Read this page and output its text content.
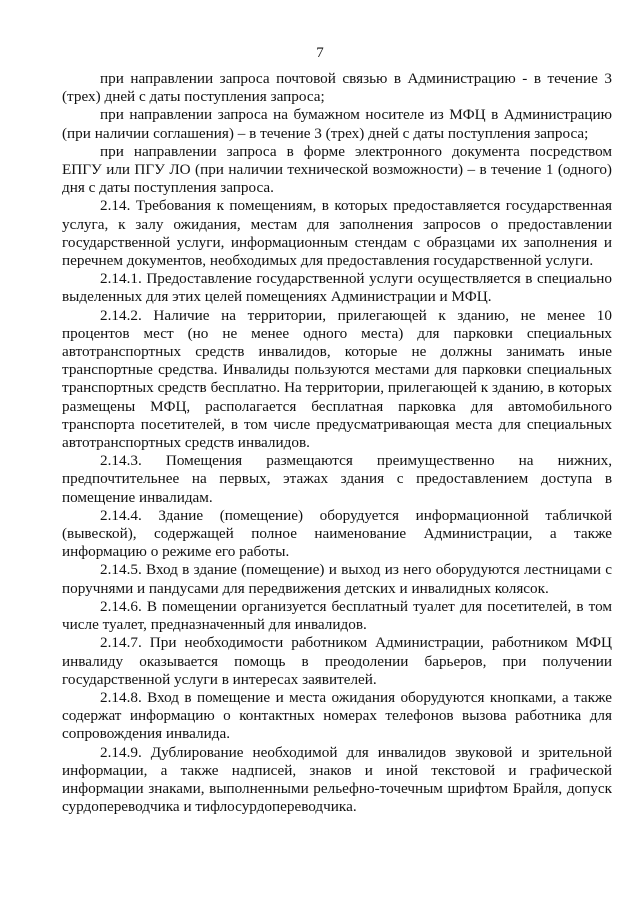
7

при направлении запроса почтовой связью в Администрацию - в течение 3 (трех) дней с даты поступления запроса;

при направлении запроса на бумажном носителе из МФЦ в Администрацию (при наличии соглашения) – в течение 3 (трех) дней с даты поступления запроса;

при направлении запроса в форме электронного документа посредством ЕПГУ или ПГУ ЛО (при наличии технической возможности) – в течение 1 (одного) дня с даты поступления запроса.

2.14. Требования к помещениям, в которых предоставляется государственная услуга, к залу ожидания, местам для заполнения запросов о предоставлении государственной услуги, информационным стендам с образцами их заполнения и перечнем документов, необходимых для предоставления государственной услуги.

2.14.1. Предоставление государственной услуги осуществляется в специально выделенных для этих целей помещениях Администрации и МФЦ.

2.14.2. Наличие на территории, прилегающей к зданию, не менее 10 процентов мест (но не менее одного места) для парковки специальных автотранспортных средств инвалидов, которые не должны занимать иные транспортные средства. Инвалиды пользуются местами для парковки специальных транспортных средств бесплатно. На территории, прилегающей к зданию, в которых размещены МФЦ, располагается бесплатная парковка для автомобильного транспорта посетителей, в том числе предусматривающая места для специальных автотранспортных средств инвалидов.

2.14.3. Помещения размещаются преимущественно на нижних, предпочтительнее на первых, этажах здания с предоставлением доступа в помещение инвалидам.

2.14.4. Здание (помещение) оборудуется информационной табличкой (вывеской), содержащей полное наименование Администрации, а также информацию о режиме его работы.

2.14.5. Вход в здание (помещение) и выход из него оборудуются лестницами с поручнями и пандусами для передвижения детских и инвалидных колясок.

2.14.6. В помещении организуется бесплатный туалет для посетителей, в том числе туалет, предназначенный для инвалидов.

2.14.7. При необходимости работником Администрации, работником МФЦ инвалиду оказывается помощь в преодолении барьеров, при получении государственной услуги в интересах заявителей.

2.14.8. Вход в помещение и места ожидания оборудуются кнопками, а также содержат информацию о контактных номерах телефонов вызова работника для сопровождения инвалида.

2.14.9. Дублирование необходимой для инвалидов звуковой и зрительной информации, а также надписей, знаков и иной текстовой и графической информации знаками, выполненными рельефно-точечным шрифтом Брайля, допуск сурдопереводчика и тифлосурдопереводчика.
